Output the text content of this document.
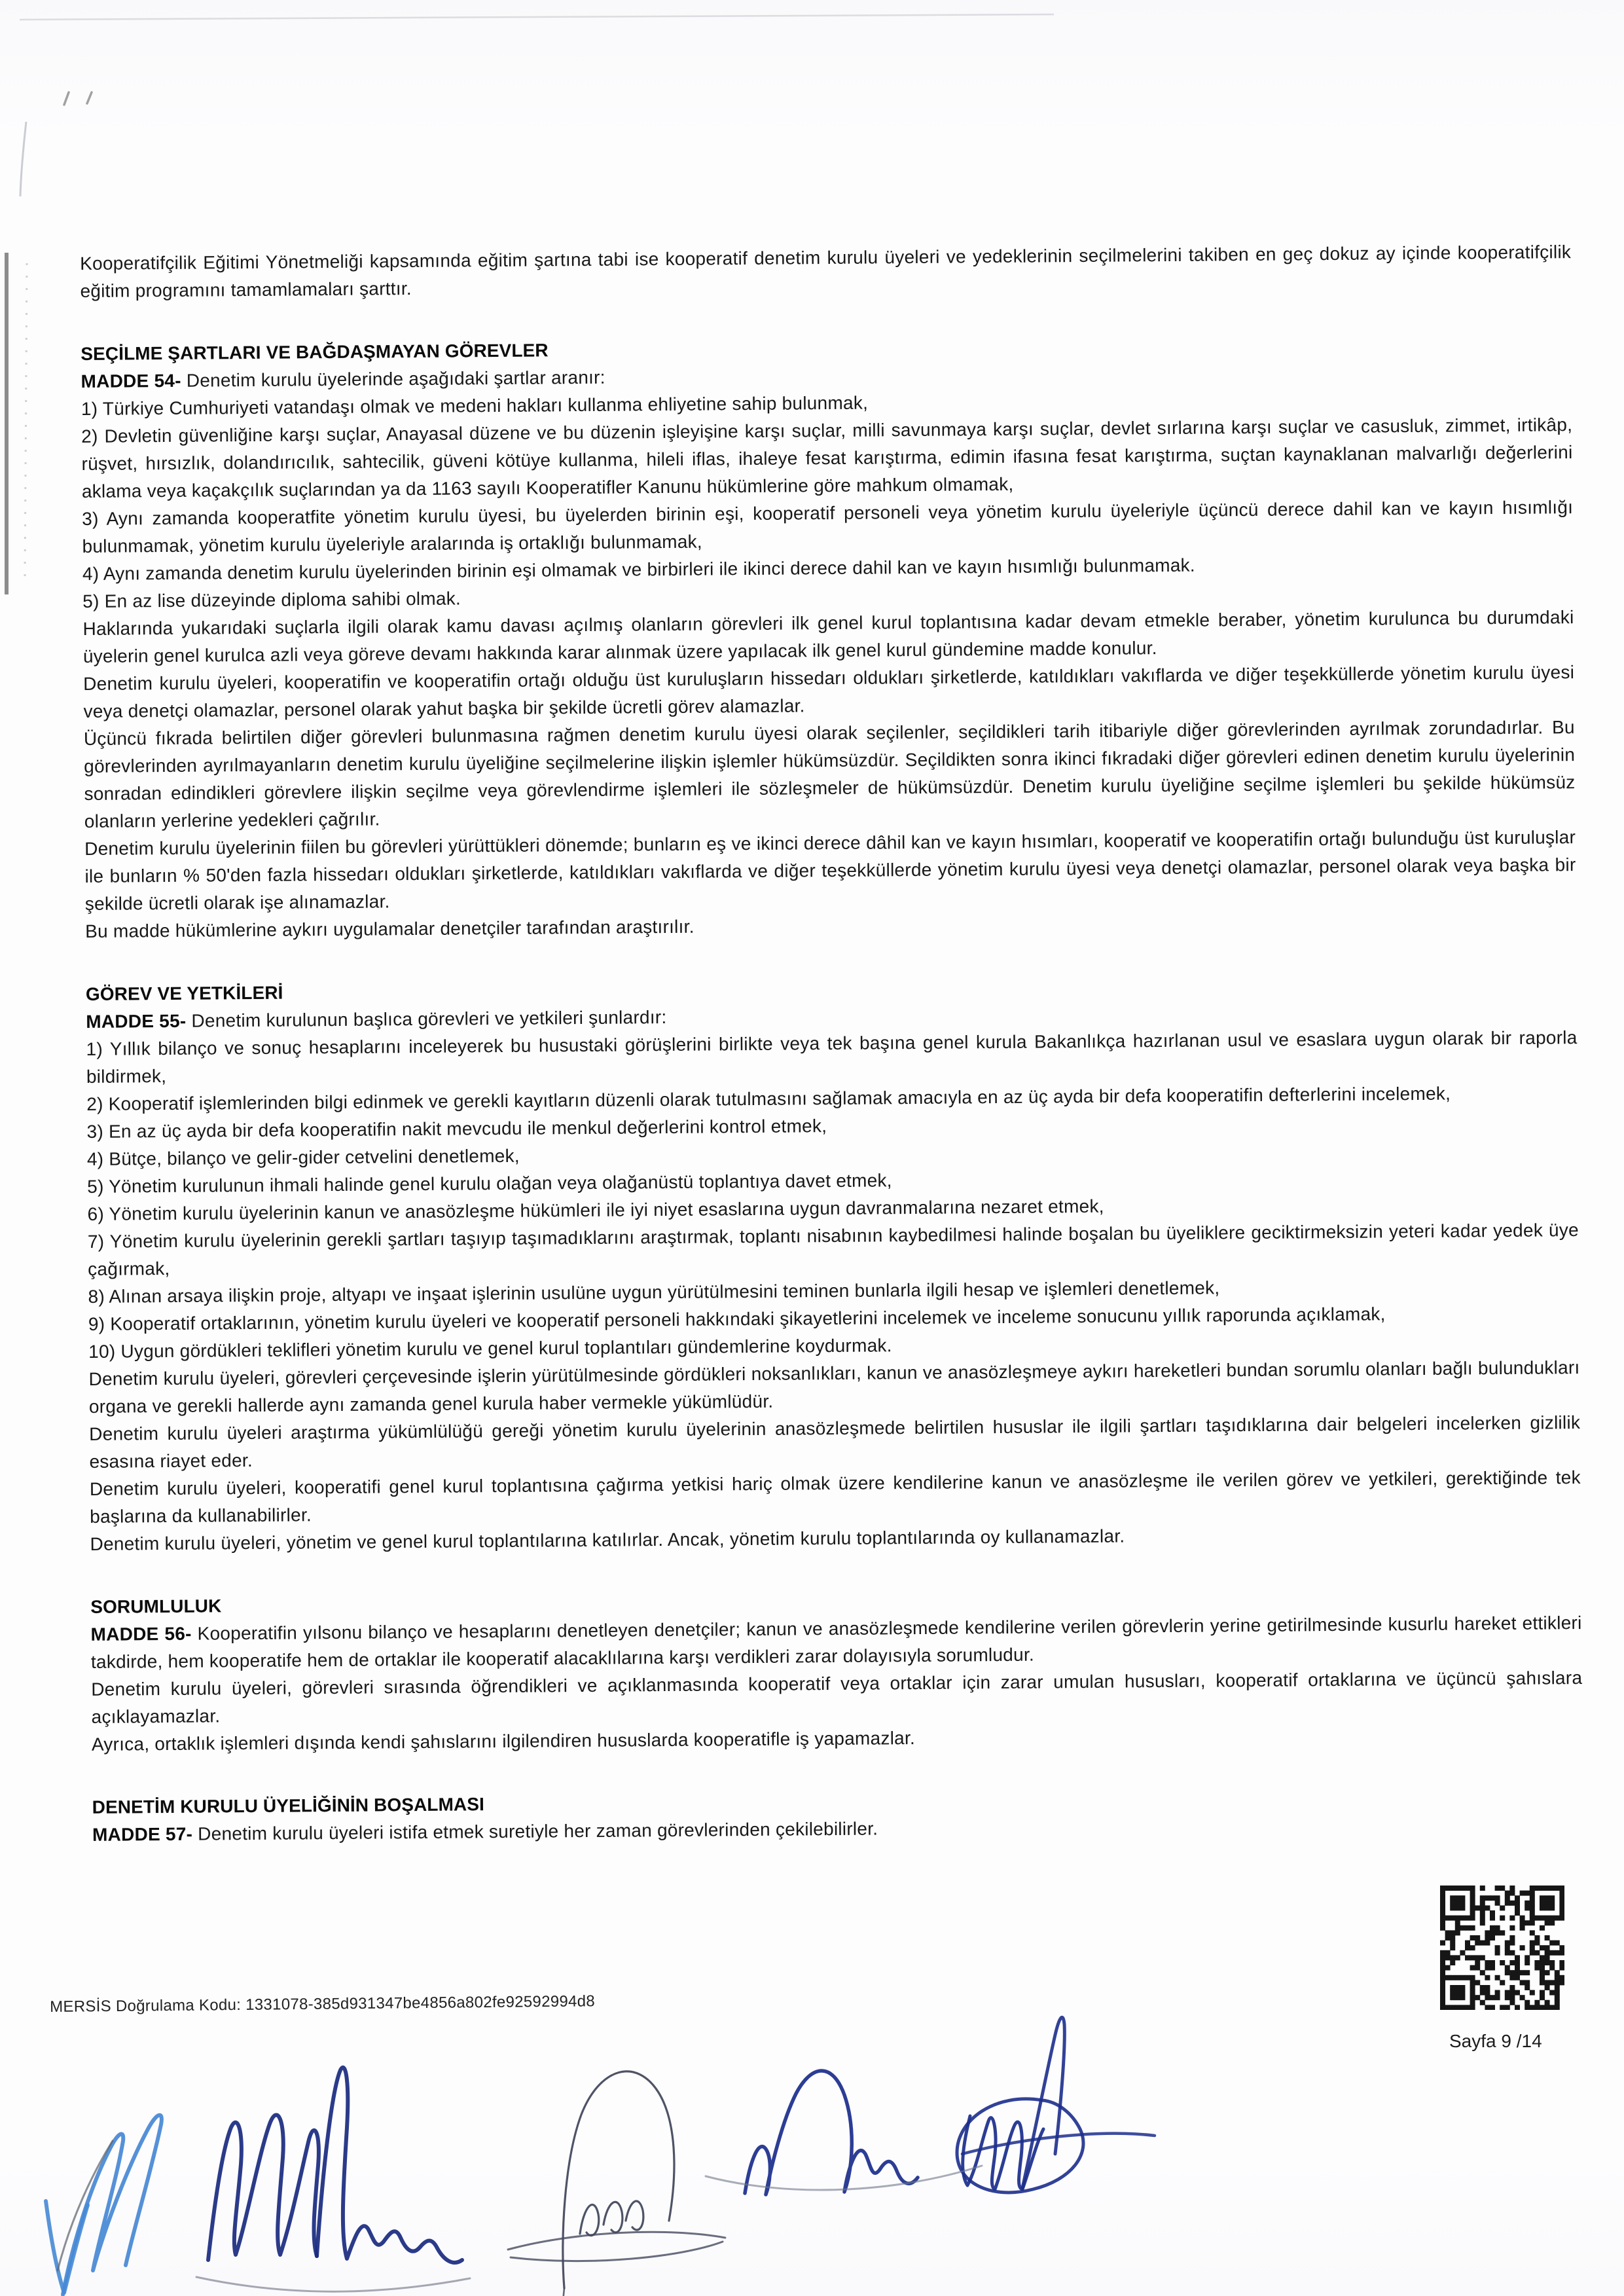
Kooperatifçilik Eğitimi Yönetmeliği kapsamında eğitim şartına tabi ise kooperatif denetim kurulu üyeleri ve yedeklerinin seçilmelerini takiben en geç dokuz ay içinde kooperatifçilik eğitim programını tamamlamaları şarttır.

SEÇİLME ŞARTLARI VE BAĞDAŞMAYAN GÖREVLER

MADDE 54- Denetim kurulu üyelerinde aşağıdaki şartlar aranır:

1) Türkiye Cumhuriyeti vatandaşı olmak ve medeni hakları kullanma ehliyetine sahip bulunmak,

2) Devletin güvenliğine karşı suçlar, Anayasal düzene ve bu düzenin işleyişine karşı suçlar, milli savunmaya karşı suçlar, devlet sırlarına karşı suçlar ve casusluk, zimmet, irtikâp, rüşvet, hırsızlık, dolandırıcılık, sahtecilik, güveni kötüye kullanma, hileli iflas, ihaleye fesat karıştırma, edimin ifasına fesat karıştırma, suçtan kaynaklanan malvarlığı değerlerini aklama veya kaçakçılık suçlarından ya da 1163 sayılı Kooperatifler Kanunu hükümlerine göre mahkum olmamak,

3) Aynı zamanda kooperatfite yönetim kurulu üyesi, bu üyelerden birinin eşi, kooperatif personeli veya yönetim kurulu üyeleriyle üçüncü derece dahil kan ve kayın hısımlığı bulunmamak, yönetim kurulu üyeleriyle aralarında iş ortaklığı bulunmamak,

4) Aynı zamanda denetim kurulu üyelerinden birinin eşi olmamak ve birbirleri ile ikinci derece dahil kan ve kayın hısımlığı bulunmamak.

5) En az lise düzeyinde diploma sahibi olmak.

Haklarında yukarıdaki suçlarla ilgili olarak kamu davası açılmış olanların görevleri ilk genel kurul toplantısına kadar devam etmekle beraber, yönetim kurulunca bu durumdaki üyelerin genel kurulca azli veya göreve devamı hakkında karar alınmak üzere yapılacak ilk genel kurul gündemine madde konulur.

Denetim kurulu üyeleri, kooperatifin ve kooperatifin ortağı olduğu üst kuruluşların hissedarı oldukları şirketlerde, katıldıkları vakıflarda ve diğer teşekküllerde yönetim kurulu üyesi veya denetçi olamazlar, personel olarak yahut başka bir şekilde ücretli görev alamazlar.

Üçüncü fıkrada belirtilen diğer görevleri bulunmasına rağmen denetim kurulu üyesi olarak seçilenler, seçildikleri tarih itibariyle diğer görevlerinden ayrılmak zorundadırlar. Bu görevlerinden ayrılmayanların denetim kurulu üyeliğine seçilmelerine ilişkin işlemler hükümsüzdür. Seçildikten sonra ikinci fıkradaki diğer görevleri edinen denetim kurulu üyelerinin sonradan edindikleri görevlere ilişkin seçilme veya görevlendirme işlemleri ile sözleşmeler de hükümsüzdür. Denetim kurulu üyeliğine seçilme işlemleri bu şekilde hükümsüz olanların yerlerine yedekleri çağrılır.

Denetim kurulu üyelerinin fiilen bu görevleri yürüttükleri dönemde; bunların eş ve ikinci derece dâhil kan ve kayın hısımları, kooperatif ve kooperatifin ortağı bulunduğu üst kuruluşlar ile bunların % 50'den fazla hissedarı oldukları şirketlerde, katıldıkları vakıflarda ve diğer teşekküllerde yönetim kurulu üyesi veya denetçi olamazlar, personel olarak veya başka bir şekilde ücretli olarak işe alınamazlar.

Bu madde hükümlerine aykırı uygulamalar denetçiler tarafından araştırılır.

GÖREV VE YETKİLERİ

MADDE 55- Denetim kurulunun başlıca görevleri ve yetkileri şunlardır:

1) Yıllık bilanço ve sonuç hesaplarını inceleyerek bu husustaki görüşlerini birlikte veya tek başına genel kurula Bakanlıkça hazırlanan usul ve esaslara uygun olarak bir raporla bildirmek,

2) Kooperatif işlemlerinden bilgi edinmek ve gerekli kayıtların düzenli olarak tutulmasını sağlamak amacıyla en az üç ayda bir defa kooperatifin defterlerini incelemek,

3) En az üç ayda bir defa kooperatifin nakit mevcudu ile menkul değerlerini kontrol etmek,

4) Bütçe, bilanço ve gelir-gider cetvelini denetlemek,

5) Yönetim kurulunun ihmali halinde genel kurulu olağan veya olağanüstü toplantıya davet etmek,

6) Yönetim kurulu üyelerinin kanun ve anasözleşme hükümleri ile iyi niyet esaslarına uygun davranmalarına nezaret etmek,

7) Yönetim kurulu üyelerinin gerekli şartları taşıyıp taşımadıklarını araştırmak, toplantı nisabının kaybedilmesi halinde boşalan bu üyeliklere geciktirmeksizin yeteri kadar yedek üye çağırmak,

8) Alınan arsaya ilişkin proje, altyapı ve inşaat işlerinin usulüne uygun yürütülmesini teminen bunlarla ilgili hesap ve işlemleri denetlemek,

9) Kooperatif ortaklarının, yönetim kurulu üyeleri ve kooperatif personeli hakkındaki şikayetlerini incelemek ve inceleme sonucunu yıllık raporunda açıklamak,

10) Uygun gördükleri teklifleri yönetim kurulu ve genel kurul toplantıları gündemlerine koydurmak.

Denetim kurulu üyeleri, görevleri çerçevesinde işlerin yürütülmesinde gördükleri noksanlıkları, kanun ve anasözleşmeye aykırı hareketleri bundan sorumlu olanları bağlı bulundukları organa ve gerekli hallerde aynı zamanda genel kurula haber vermekle yükümlüdür.

Denetim kurulu üyeleri araştırma yükümlülüğü gereği yönetim kurulu üyelerinin anasözleşmede belirtilen hususlar ile ilgili şartları taşıdıklarına dair belgeleri incelerken gizlilik esasına riayet eder.

Denetim kurulu üyeleri, kooperatifi genel kurul toplantısına çağırma yetkisi hariç olmak üzere kendilerine kanun ve anasözleşme ile verilen görev ve yetkileri, gerektiğinde tek başlarına da kullanabilirler.

Denetim kurulu üyeleri, yönetim ve genel kurul toplantılarına katılırlar. Ancak, yönetim kurulu toplantılarında oy kullanamazlar.

SORUMLULUK

MADDE 56- Kooperatifin yılsonu bilanço ve hesaplarını denetleyen denetçiler; kanun ve anasözleşmede kendilerine verilen görevlerin yerine getirilmesinde kusurlu hareket ettikleri takdirde, hem kooperatife hem de ortaklar ile kooperatif alacaklılarına karşı verdikleri zarar dolayısıyla sorumludur.

Denetim kurulu üyeleri, görevleri sırasında öğrendikleri ve açıklanmasında kooperatif veya ortaklar için zarar umulan hususları, kooperatif ortaklarına ve üçüncü şahıslara açıklayamazlar.

Ayrıca, ortaklık işlemleri dışında kendi şahıslarını ilgilendiren hususlarda kooperatifle iş yapamazlar.

DENETİM KURULU ÜYELİĞİNİN BOŞALMASI

MADDE 57- Denetim kurulu üyeleri istifa etmek suretiyle her zaman görevlerinden çekilebilirler.

MERSİS Doğrulama Kodu: 1331078-385d931347be4856a802fe92592994d8
Sayfa 9 /14
